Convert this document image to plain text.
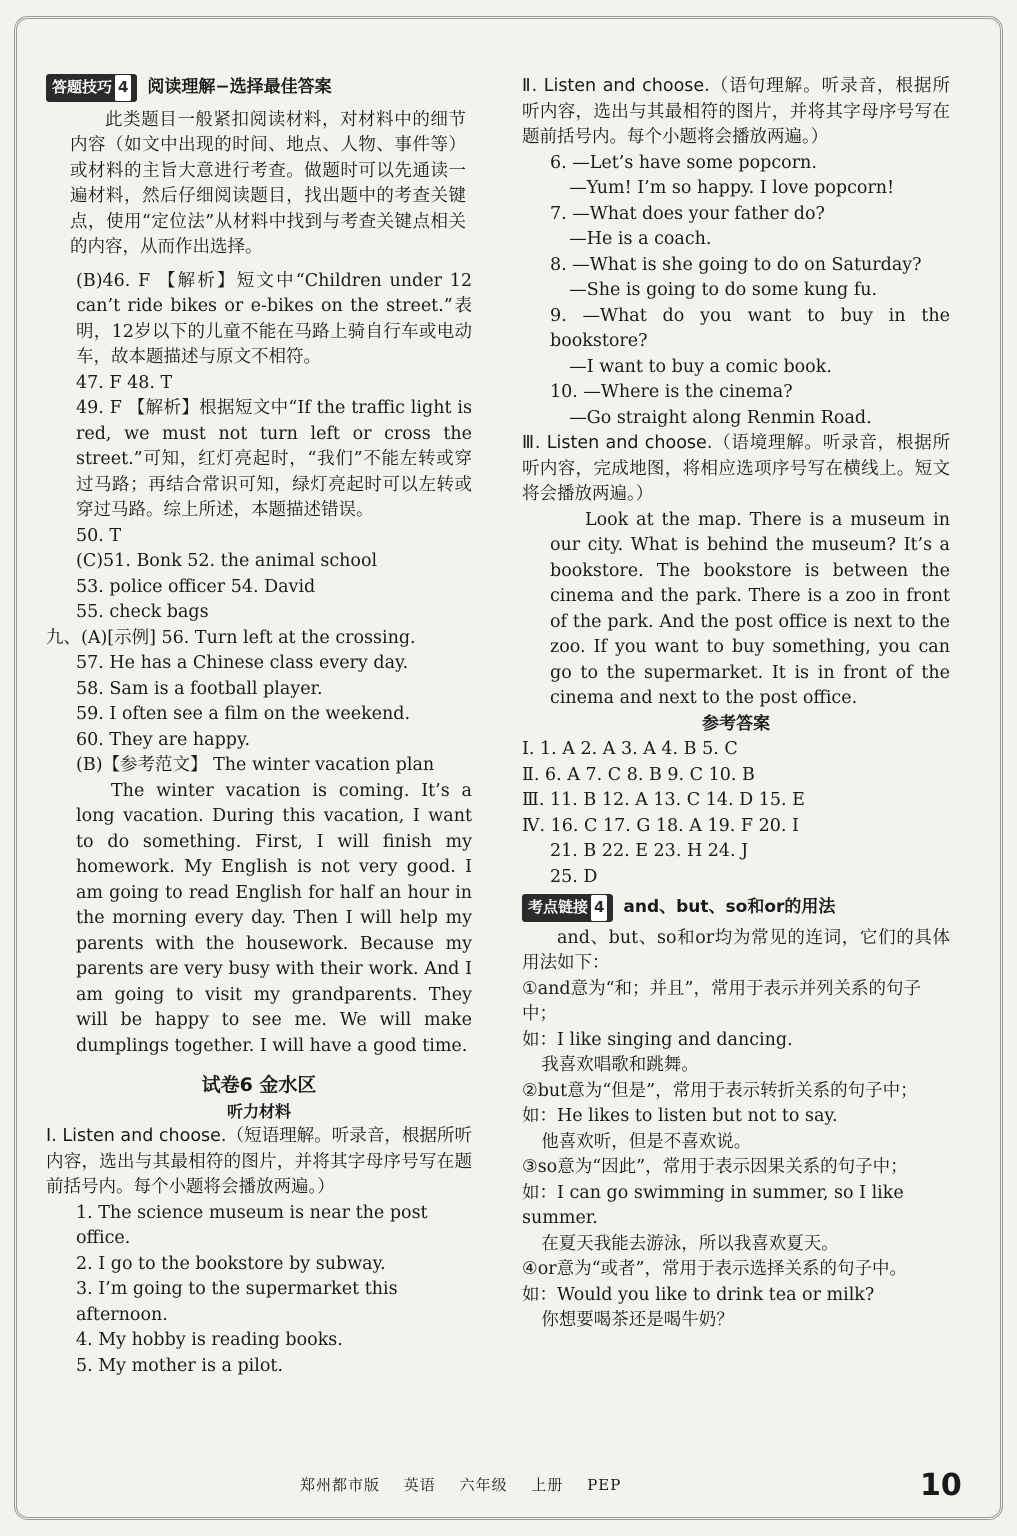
答题技巧 4 阅读理解−选择最佳答案

此类题目一般紧扣阅读材料，对材料中的细节内容（如文中出现的时间、地点、人物、事件等）或材料的主旨大意进行考查。做题时可以先通读一遍材料，然后仔细阅读题目，找出题中的考查关键点，使用“定位法”从材料中找到与考查关键点相关的内容，从而作出选择。

(B)46. F 【解析】短文中“Children under 12 can’t ride bikes or e-bikes on the street.”表明，12岁以下的儿童不能在马路上骑自行车或电动车，故本题描述与原文不相符。

47. F 48. T

49. F 【解析】根据短文中“If the traffic light is red, we must not turn left or cross the street.”可知，红灯亮起时，“我们”不能左转或穿过马路；再结合常识可知，绿灯亮起时可以左转或穿过马路。综上所述，本题描述错误。

50. T

(C)51. Bonk 52. the animal school

53. police officer 54. David

55. check bags

九、(A)[示例] 56. Turn left at the crossing.

57. He has a Chinese class every day.

58. Sam is a football player.

59. I often see a film on the weekend.

60. They are happy.

(B)【参考范文】 The winter vacation plan

The winter vacation is coming. It’s a long vacation. During this vacation, I want to do something. First, I will finish my homework. My English is not very good. I am going to read English for half an hour in the morning every day. Then I will help my parents with the housework. Because my parents are very busy with their work. And I am going to visit my grandparents. They will be happy to see me. We will make dumplings together. I will have a good time.

试卷6 金水区

听力材料

Ⅰ. Listen and choose.（短语理解。听录音，根据所听内容，选出与其最相符的图片，并将其字母序号写在题前括号内。每个小题将会播放两遍。）

1. The science museum is near the post office.

2. I go to the bookstore by subway.

3. I’m going to the supermarket this afternoon.

4. My hobby is reading books.

5. My mother is a pilot.

Ⅱ. Listen and choose.（语句理解。听录音，根据所听内容，选出与其最相符的图片，并将其字母序号写在题前括号内。每个小题将会播放两遍。）

6. —Let’s have some popcorn.

—Yum! I’m so happy. I love popcorn!

7. —What does your father do?

—He is a coach.

8. —What is she going to do on Saturday?

—She is going to do some kung fu.

9. —What do you want to buy in the bookstore?

—I want to buy a comic book.

10. —Where is the cinema?

—Go straight along Renmin Road.

Ⅲ. Listen and choose.（语境理解。听录音，根据所听内容，完成地图，将相应选项序号写在横线上。短文将会播放两遍。）

Look at the map. There is a museum in our city. What is behind the museum? It’s a bookstore. The bookstore is between the cinema and the park. There is a zoo in front of the park. And the post office is next to the zoo. If you want to buy something, you can go to the supermarket. It is in front of the cinema and next to the post office.

参考答案

Ⅰ. 1. A 2. A 3. A 4. B 5. C

Ⅱ. 6. A 7. C 8. B 9. C 10. B

Ⅲ. 11. B 12. A 13. C 14. D 15. E

Ⅳ. 16. C 17. G 18. A 19. F 20. I

21. B 22. E 23. H 24. J

25. D

考点链接 4 and、but、so和or的用法

and、but、so和or均为常见的连词，它们的具体用法如下：

①and意为“和；并且”，常用于表示并列关系的句子中；

如：I like singing and dancing.

我喜欢唱歌和跳舞。

②but意为“但是”，常用于表示转折关系的句子中；

如：He likes to listen but not to say.

他喜欢听，但是不喜欢说。

③so意为“因此”，常用于表示因果关系的句子中；

如：I can go swimming in summer, so I like summer.

在夏天我能去游泳，所以我喜欢夏天。

④or意为“或者”，常用于表示选择关系的句子中。

如：Would you like to drink tea or milk?

你想要喝茶还是喝牛奶？

郑州都市版 英语 六年级 上册 PEP	10
